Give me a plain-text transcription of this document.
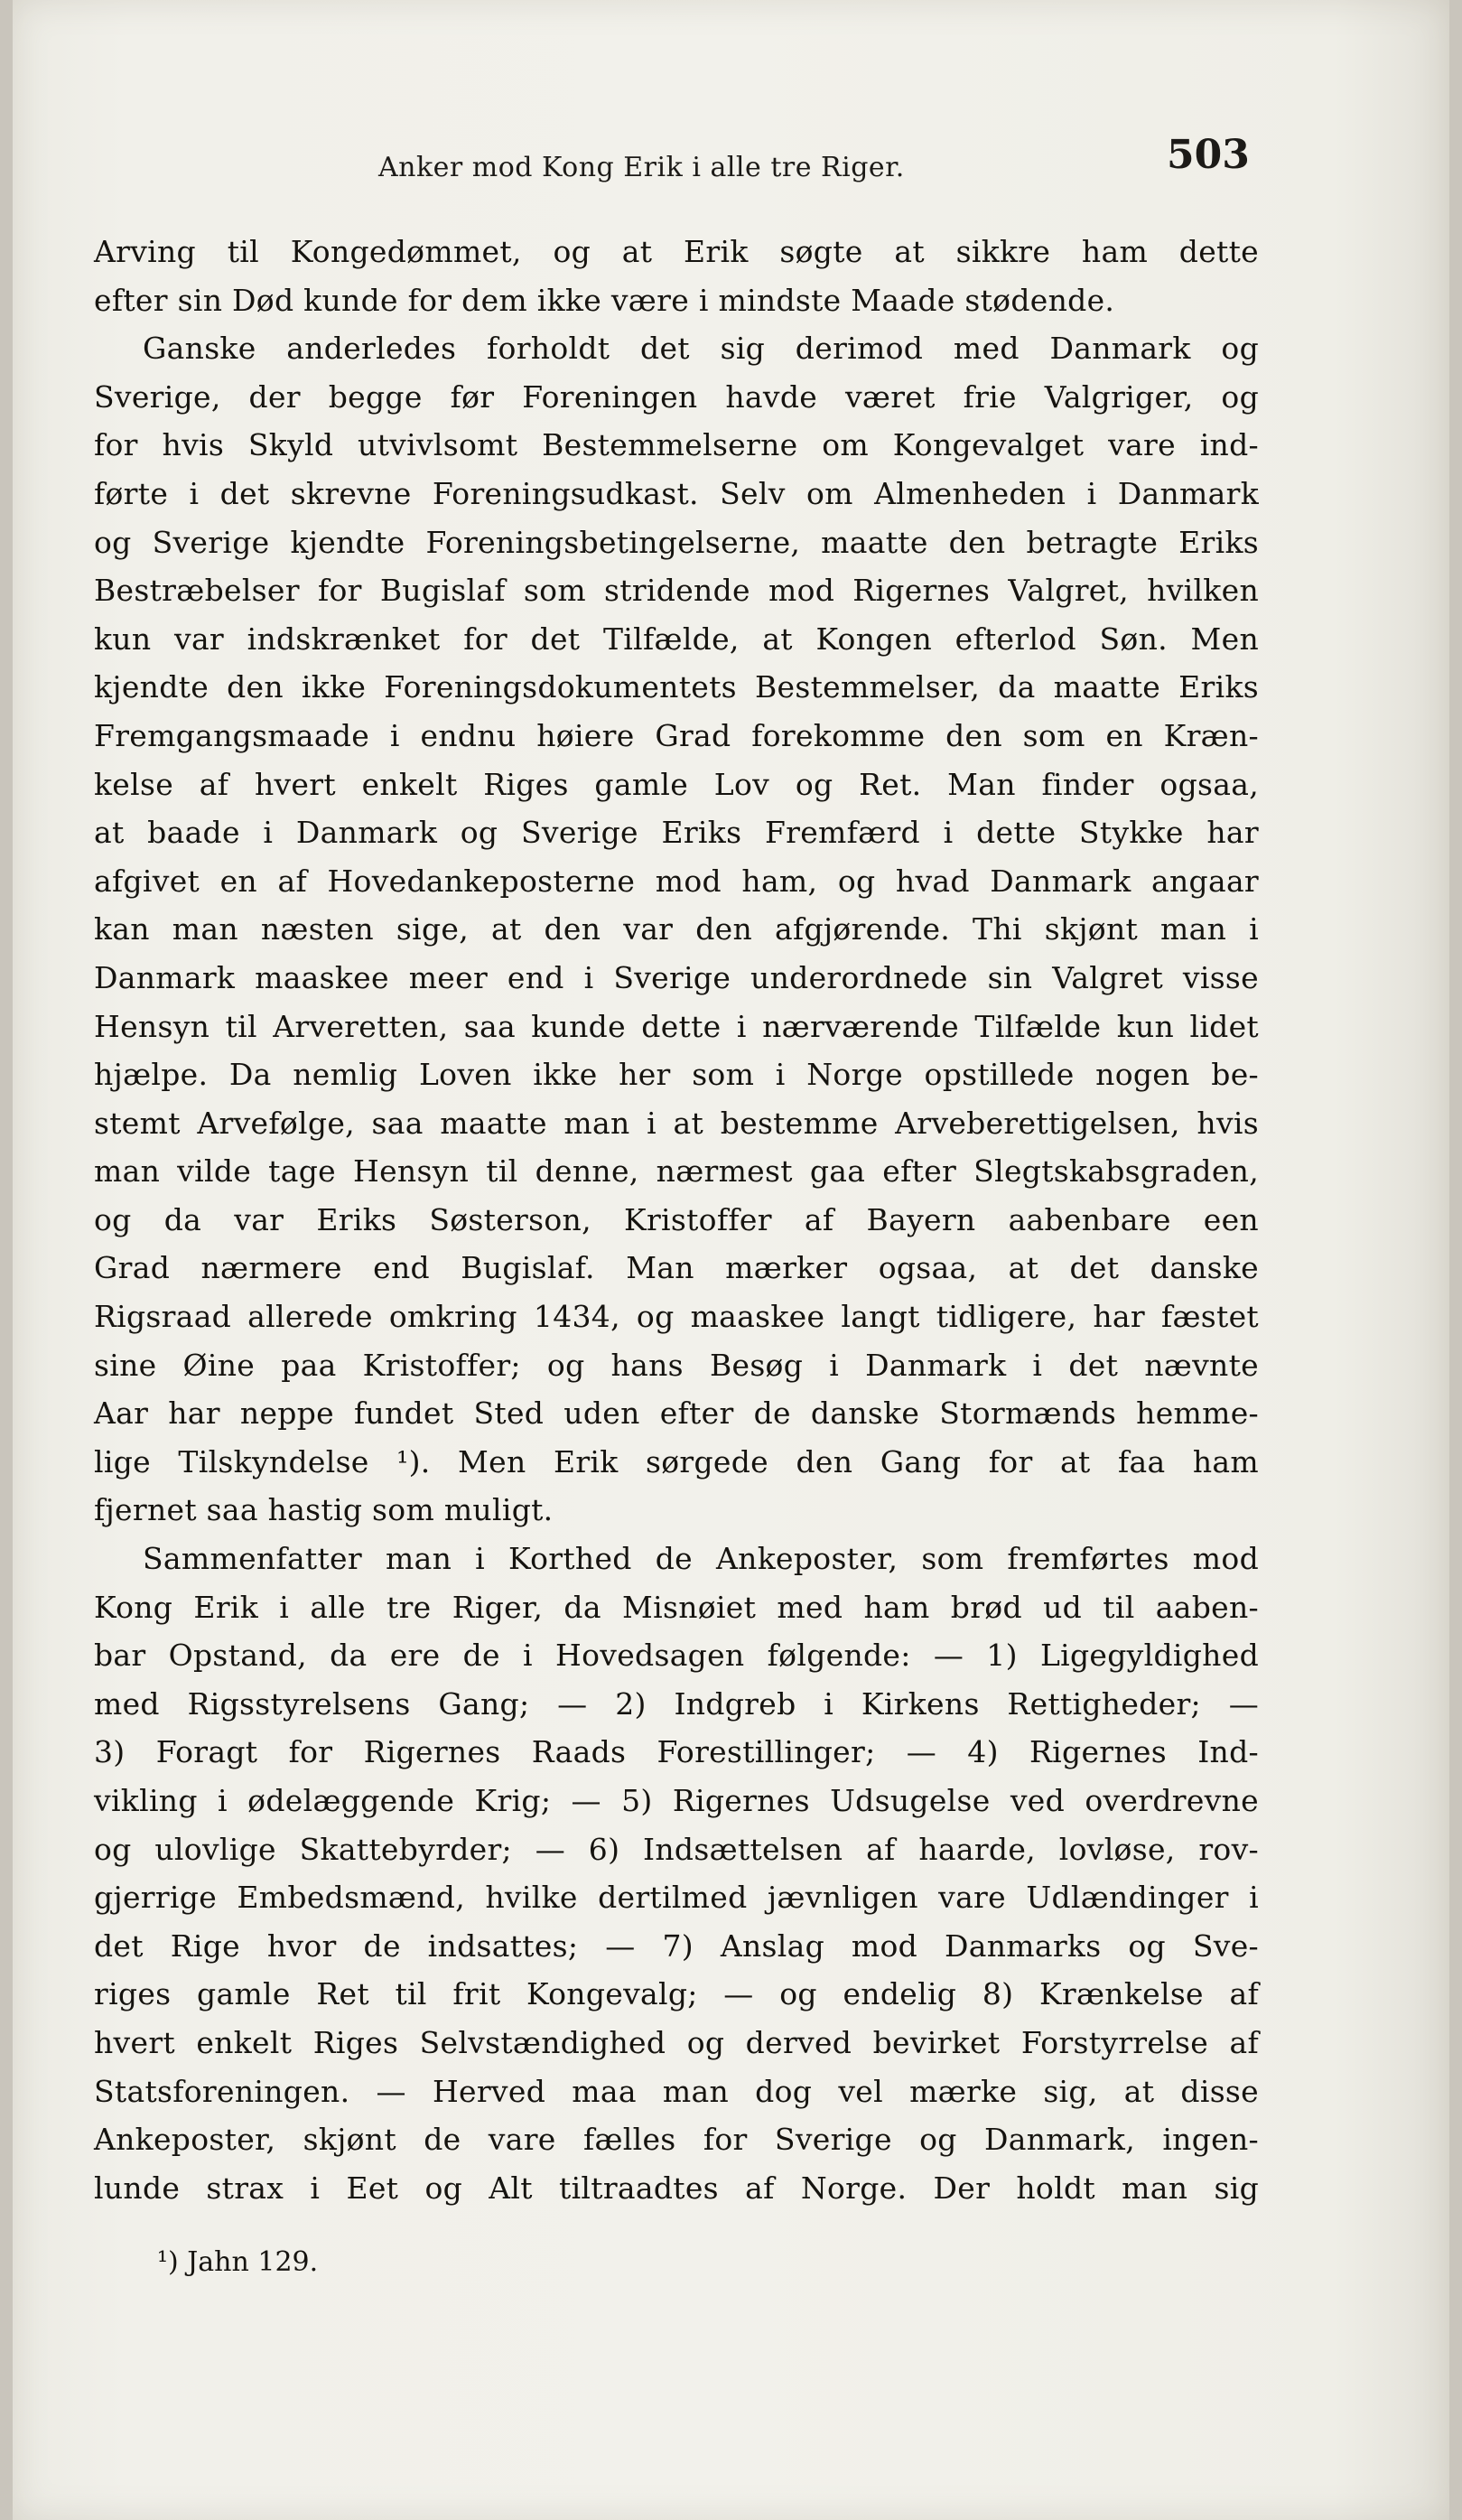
Anker mod Kong Erik i alle tre Riger.	503
Arving til Kongedømmet, og at Erik søgte at sikkre ham dette
efter sin Død kunde for dem ikke være i mindste Maade stødende.
Ganske anderledes forholdt det sig derimod med Danmark og
Sverige, der begge før Foreningen havde været frie Valgriger, og
for hvis Skyld utvivlsomt Bestemmelserne om Kongevalget vare ind-
førte i det skrevne Foreningsudkast. Selv om Almenheden i Danmark
og Sverige kjendte Foreningsbetingelserne, maatte den betragte Eriks
Bestræbelser for Bugislaf som stridende mod Rigernes Valgret, hvilken
kun var indskrænket for det Tilfælde, at Kongen efterlod Søn. Men
kjendte den ikke Foreningsdokumentets Bestemmelser, da maatte Eriks
Fremgangsmaade i endnu høiere Grad forekomme den som en Kræn-
kelse af hvert enkelt Riges gamle Lov og Ret. Man finder ogsaa,
at baade i Danmark og Sverige Eriks Fremfærd i dette Stykke har
afgivet en af Hovedankeposterne mod ham, og hvad Danmark angaar
kan man næsten sige, at den var den afgjørende. Thi skjønt man i
Danmark maaskee meer end i Sverige underordnede sin Valgret visse
Hensyn til Arveretten, saa kunde dette i nærværende Tilfælde kun lidet
hjælpe. Da nemlig Loven ikke her som i Norge opstillede nogen be-
stemt Arvefølge, saa maatte man i at bestemme Arveberettigelsen, hvis
man vilde tage Hensyn til denne, nærmest gaa efter Slegtskabsgraden,
og da var Eriks Søsterson, Kristoffer af Bayern aabenbare een
Grad nærmere end Bugislaf. Man mærker ogsaa, at det danske
Rigsraad allerede omkring 1434, og maaskee langt tidligere, har fæstet
sine Øine paa Kristoffer; og hans Besøg i Danmark i det nævnte
Aar har neppe fundet Sted uden efter de danske Stormænds hemme-
lige Tilskyndelse ¹). Men Erik sørgede den Gang for at faa ham
fjernet saa hastig som muligt.
Sammenfatter man i Korthed de Ankeposter, som fremførtes mod
Kong Erik i alle tre Riger, da Misnøiet med ham brød ud til aaben-
bar Opstand, da ere de i Hovedsagen følgende: — 1) Ligegyldighed
med Rigsstyrelsens Gang; — 2) Indgreb i Kirkens Rettigheder; —
3) Foragt for Rigernes Raads Forestillinger; — 4) Rigernes Ind-
vikling i ødelæggende Krig; — 5) Rigernes Udsugelse ved overdrevne
og ulovlige Skattebyrder; — 6) Indsættelsen af haarde, lovløse, rov-
gjerrige Embedsmænd, hvilke dertilmed jævnligen vare Udlændinger i
det Rige hvor de indsattes; — 7) Anslag mod Danmarks og Sve-
riges gamle Ret til frit Kongevalg; — og endelig 8) Krænkelse af
hvert enkelt Riges Selvstændighed og derved bevirket Forstyrrelse af
Statsforeningen. — Herved maa man dog vel mærke sig, at disse
Ankeposter, skjønt de vare fælles for Sverige og Danmark, ingen-
lunde strax i Eet og Alt tiltraadtes af Norge. Der holdt man sig
¹) Jahn 129.
